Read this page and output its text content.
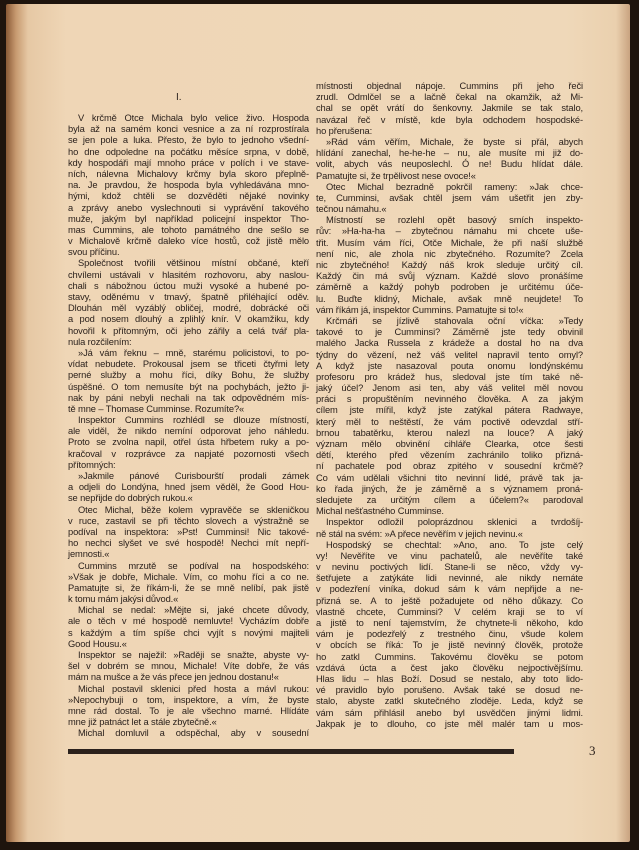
I.
V krčmě Otce Michala bylo velice živo. Hospoda
byla až na samém konci vesnice a za ní rozprostírala
se jen pole a luka. Přesto, že bylo to jednoho všední-
ho dne odpoledne na počátku měsíce srpna, v době,
kdy hospodáři mají mnoho práce v polích i ve stave-
ních, nálevna Michalovy krčmy byla skoro přeplně-
na. Je pravdou, že hospoda byla vyhledávána mno-
hými, kdož chtěli se dozvěděti nějaké novinky
a zprávy anebo vyslechnouti si vyprávění takového
muže, jakým byl například policejní inspektor Tho-
mas Cummins, ale tohoto památného dne sešlo se
v Michalově krčmě daleko více hostů, což jistě mělo
svou příčinu.
Společnost tvořili většinou místní občané, kteří
chvílemi ustávali v hlasitém rozhovoru, aby naslou-
chali s nábožnou úctou muži vysoké a hubené po-
stavy, oděnému v tmavý, špatně přiléhající oděv.
Dlouhán měl vyzáblý obličej, modré, dobrácké oči
a pod nosem dlouhý a zplihlý knír. V okamžiku, kdy
hovořil k přítomným, oči jeho zářily a celá tvář pla-
nula rozčilením:
»Já vám řeknu – mně, starému policistovi, to po-
vídat nebudete. Prokousal jsem se třiceti čtyřmi lety
perné služby a mohu říci, díky Bohu, že služby
úspěšné. O tom nemusíte být na pochybách, ježto ji-
nak by páni nebyli nechali na tak odpovědném mís-
tě mne – Thomase Cumminse. Rozumíte?«
Inspektor Cummins rozhlédl se dlouze místností,
ale viděl, že nikdo nemíní odporovat jeho náhledu.
Proto se zvolna napil, otřel ústa hřbetem ruky a po-
kračoval v rozprávce za napjaté pozornosti všech
přítomných:
»Jakmile pánové Curisbourští prodali zámek
a odjeli do Londýna, hned jsem věděl, že Good Hou-
se nepřijde do dobrých rukou.«
Otec Michal, běže kolem vypravěče se skleničkou
v ruce, zastavil se při těchto slovech a výstražně se
podíval na inspektora: »Pst! Cumminsi! Nic takové-
ho nechci slyšet ve své hospodě! Nechci mít nepří-
jemnosti.«
Cummins mrzutě se podíval na hospodského:
»Však je dobře, Michale. Vím, co mohu říci a co ne.
Pamatujte si, že říkám-li, že se mně nelíbí, pak jistě
k tomu mám jakýsi důvod.«
Michal se nedal: »Mějte si, jaké chcete důvody,
ale o těch v mé hospodě nemluvte! Vycházím dobře
s každým a tím spíše chci vyjít s novými majiteli
Good Housu.«
Inspektor se naježil: »Raději se snažte, abyste vy-
šel v dobrém se mnou, Michale! Víte dobře, že vás
mám na mušce a že vás přece jen jednou dostanu!«
Michal postavil sklenici před hosta a mávl rukou:
»Nepochybuji o tom, inspektore, a vím, že byste
mne rád dostal. To je ale všechno marné. Hlídáte
mne již patnáct let a stále zbytečně.«
Michal domluvil a odspěchal, aby v sousední
místnosti objednal nápoje. Cummins při jeho řeči
zrudl. Odmlčel se a lačně čekal na okamžik, až Mi-
chal se opět vrátí do šenkovny. Jakmile se tak stalo,
navázal řeč v místě, kde byla odchodem hospodské-
ho přerušena:
»Rád vám věřím, Michale, že byste si přál, abych
hlídání zanechal, he-he-he – nu, ale musíte mi již do-
volit, abych vás neuposlechl. Ó ne! Budu hlídat dále.
Pamatujte si, že trpělivost nese ovoce!«
Otec Michal bezradně pokrčil rameny: »Jak chce-
te, Cumminsi, avšak chtěl jsem vám ušetřit jen zby-
tečnou námahu.«
Místností se rozlehl opět basový smích inspekto-
rův: »Ha-ha-ha – zbytečnou námahu mi chcete uše-
třit. Musím vám říci, Otče Michale, že při naší službě
není nic, ale zhola nic zbytečného. Rozumíte? Zcela
nic zbytečného! Každý náš krok sleduje určitý cíl.
Každý čin má svůj význam. Každé slovo pronášíme
záměrně a každý pohyb podroben je určitému úče-
lu. Buďte klidný, Michale, avšak mně neujdete! To
vám říkám já, inspektor Cummins. Pamatujte si to!«
Krčmáři se jízlivě stahovala oční víčka: »Tedy
takové to je Cumminsi? Záměrně jste tedy obvinil
malého Jacka Russela z krádeže a dostal ho na dva
týdny do vězení, než váš velitel napravil tento omyl?
A když jste nasazoval pouta onomu londýnskému
profesoru pro krádež hus, sledoval jste tím také ně-
jaký účel? Jenom asi ten, aby váš velitel měl novou
práci s propuštěním nevinného člověka. A za jakým
cílem jste mířil, když jste zatýkal pátera Radwaye,
který měl to neštěstí, že vám poctivě odevzdal stří-
brnou tabatěrku, kterou nalezl na louce? A jaký
význam mělo obvinění cihláře Clearka, otce šesti
dětí, kterého před vězením zachránilo toliko přizná-
ní pachatele pod obraz zpitého v sousední krčmě?
Co vám udělali všichni tito nevinní lidé, právě tak ja-
ko řada jiných, že je záměrně a s významem proná-
sledujete za určitým cílem a účelem?« parodoval
Michal nešťastného Cumminse.
Inspektor odložil poloprázdnou sklenici a tvrdošíj-
ně stál na svém: »A přece nevěřím v jejich nevinu.«
Hospodský se chechtal: »Ano, ano. To jste celý
vy! Nevěříte ve vinu pachatelů, ale nevěříte také
v nevinu poctivých lidí. Stane-li se něco, vždy vy-
šetřujete a zatýkáte lidi nevinné, ale nikdy nemáte
v podezření viníka, dokud sám k vám nepřijde a ne-
přizná se. A to ještě požadujete od něho důkazy. Co
vlastně chcete, Cumminsi? V celém kraji se to ví
a jistě to není tajemstvím, že chytnete-li někoho, kdo
vám je podezřelý z trestného činu, všude kolem
v obcích se říká: To je jistě nevinný člověk, protože
ho zatkl Cummins. Takovému člověku se potom
vzdává úcta a čest jako člověku nejpoctivějšímu.
Hlas lidu – hlas Boží. Dosud se nestalo, aby toto lido-
vé pravidlo bylo porušeno. Avšak také se dosud ne-
stalo, abyste zatkl skutečného zloděje. Leda, když se
vám sám přihlásil anebo byl usvědčen jinými lidmi.
Jakpak je to dlouho, co jste měl malér tam u mos-
3
